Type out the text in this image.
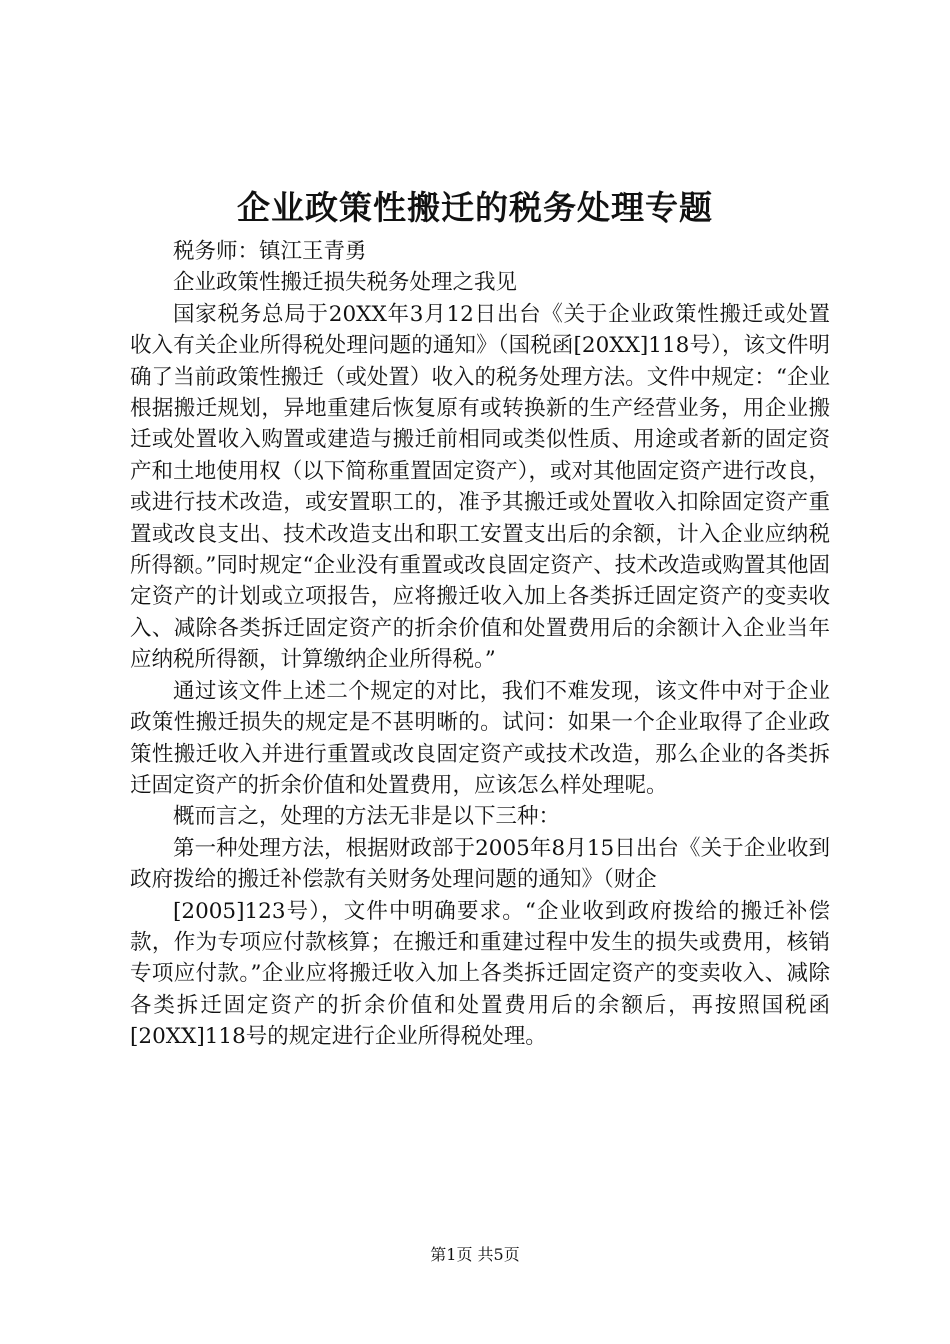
企业政策性搬迁的税务处理专题

税务师：镇江王青勇

企业政策性搬迁损失税务处理之我见

国家税务总局于20XX年3月12日出台《关于企业政策性搬迁或处置收入有关企业所得税处理问题的通知》（国税函[20XX]118号），该文件明确了当前政策性搬迁（或处置）收入的税务处理方法。文件中规定：“企业根据搬迁规划，异地重建后恢复原有或转换新的生产经营业务，用企业搬迁或处置收入购置或建造与搬迁前相同或类似性质、用途或者新的固定资产和土地使用权（以下简称重置固定资产），或对其他固定资产进行改良，或进行技术改造，或安置职工的，准予其搬迁或处置收入扣除固定资产重置或改良支出、技术改造支出和职工安置支出后的余额，计入企业应纳税所得额。”同时规定“企业没有重置或改良固定资产、技术改造或购置其他固定资产的计划或立项报告，应将搬迁收入加上各类拆迁固定资产的变卖收入、减除各类拆迁固定资产的折余价值和处置费用后的余额计入企业当年应纳税所得额，计算缴纳企业所得税。”

通过该文件上述二个规定的对比，我们不难发现，该文件中对于企业政策性搬迁损失的规定是不甚明晰的。试问：如果一个企业取得了企业政策性搬迁收入并进行重置或改良固定资产或技术改造，那么企业的各类拆迁固定资产的折余价值和处置费用，应该怎么样处理呢。

概而言之，处理的方法无非是以下三种：

第一种处理方法，根据财政部于2005年8月15日出台《关于企业收到政府拨给的搬迁补偿款有关财务处理问题的通知》（财企

[2005]123号），文件中明确要求。“企业收到政府拨给的搬迁补偿款，作为专项应付款核算；在搬迁和重建过程中发生的损失或费用，核销专项应付款。”企业应将搬迁收入加上各类拆迁固定资产的变卖收入、减除各类拆迁固定资产的折余价值和处置费用后的余额后，再按照国税函[20XX]118号的规定进行企业所得税处理。

第1页 共5页
